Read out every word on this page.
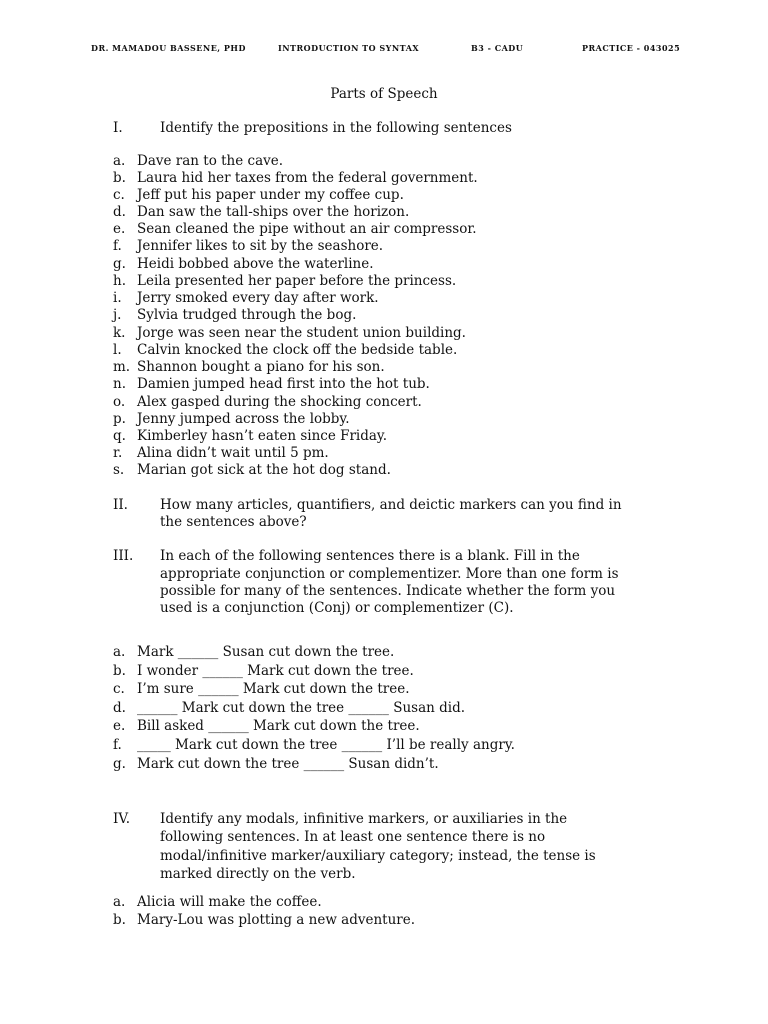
DR. MAMADOU BASSENE, PHD	INTRODUCTION TO SYNTAX	B3 - CADU	PRACTICE - 043025
Parts of Speech
I.	Identify the prepositions in the following sentences
a. Dave ran to the cave.
b. Laura hid her taxes from the federal government.
c. Jeff put his paper under my coffee cup.
d. Dan saw the tall-ships over the horizon.
e. Sean cleaned the pipe without an air compressor.
f. Jennifer likes to sit by the seashore.
g. Heidi bobbed above the waterline.
h. Leila presented her paper before the princess.
i. Jerry smoked every day after work.
j. Sylvia trudged through the bog.
k. Jorge was seen near the student union building.
l. Calvin knocked the clock off the bedside table.
m. Shannon bought a piano for his son.
n. Damien jumped head first into the hot tub.
o. Alex gasped during the shocking concert.
p. Jenny jumped across the lobby.
q. Kimberley hasn’t eaten since Friday.
r. Alina didn’t wait until 5 pm.
s. Marian got sick at the hot dog stand.
II.	How many articles, quantifiers, and deictic markers can you find in
the sentences above?
III.	In each of the following sentences there is a blank. Fill in the
appropriate conjunction or complementizer. More than one form is
possible for many of the sentences. Indicate whether the form you
used is a conjunction (Conj) or complementizer (C).
a. Mark ______ Susan cut down the tree.
b. I wonder ______ Mark cut down the tree.
c. I’m sure ______ Mark cut down the tree.
d. ______ Mark cut down the tree ______ Susan did.
e. Bill asked ______ Mark cut down the tree.
f. _____ Mark cut down the tree ______ I’ll be really angry.
g. Mark cut down the tree ______ Susan didn’t.
IV.	Identify any modals, infinitive markers, or auxiliaries in the
following sentences. In at least one sentence there is no
modal/infinitive marker/auxiliary category; instead, the tense is
marked directly on the verb.
a. Alicia will make the coffee.
b. Mary-Lou was plotting a new adventure.
